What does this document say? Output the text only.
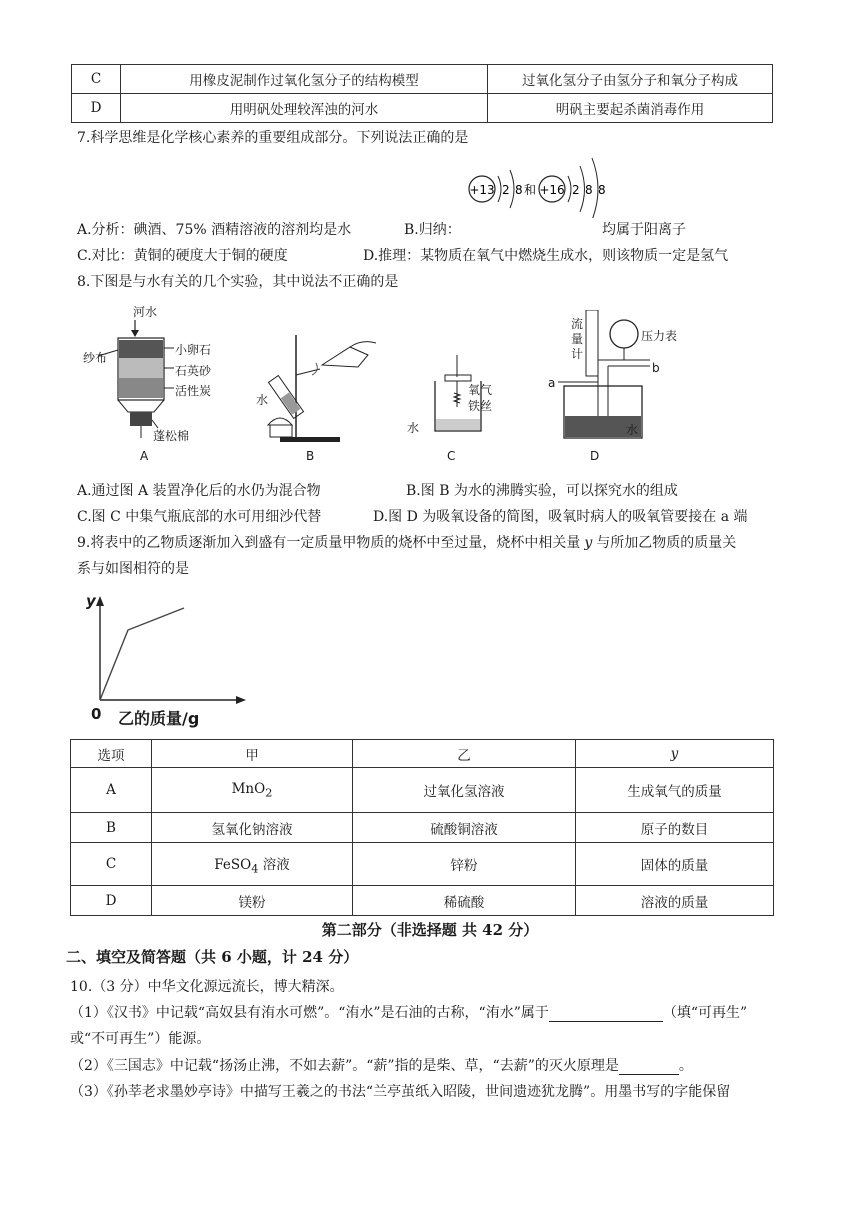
C	用橡皮泥制作过氧化氢分子的结构模型	过氧化氢分子由氢分子和氧分子构成
D	用明矾处理较浑浊的河水	明矾主要起杀菌消毒作用
7.科学思维是化学核心素养的重要组成部分。下列说法正确的是
+13 2 8 和 +16 2 8 8
A.分析：碘酒、75% 酒精溶液的溶剂均是水	B.归纳：	均属于阳离子
C.对比：黄铜的硬度大于铜的硬度	D.推理：某物质在氧气中燃烧生成水，则该物质一定是氢气
8.下图是与水有关的几个实验，其中说法不正确的是
河水
纱布
小卵石
石英砂
活性炭
蓬松棉
A
水
B
氧气
铁丝
水
C
流
量
计
压力表
a
b
水
D
A.通过图 A 装置净化后的水仍为混合物	B.图 B 为水的沸腾实验，可以探究水的组成
C.图 C 中集气瓶底部的水可用细沙代替	D.图 D 为吸氧设备的简图，吸氧时病人的吸氧管要接在 a 端
9.将表中的乙物质逐渐加入到盛有一定质量甲物质的烧杯中至过量，烧杯中相关量 y 与所加乙物质的质量关
系与如图相符的是
y
0 乙的质量/g
选项	甲	乙	y
A	MnO$_2$	过氧化氢溶液	生成氧气的质量
B	氢氧化钠溶液	硫酸铜溶液	原子的数目
C	FeSO$_4$ 溶液	锌粉	固体的质量
D	镁粉	稀硫酸	溶液的质量
第二部分（非选择题 共 42 分）
二、填空及简答题（共 6 小题，计 24 分）
10.（3 分）中华文化源远流长，博大精深。
（1）《汉书》中记载“高奴县有洧水可燃”。“洧水”是石油的古称，“洧水”属于	（填“可再生”
或“不可再生”）能源。
（2）《三国志》中记载“扬汤止沸，不如去薪”。“薪”指的是柴、草，“去薪”的灭火原理是	。
（3）《孙莘老求墨妙亭诗》中描写王羲之的书法“兰亭茧纸入昭陵，世间遗迹犹龙腾”。用墨书写的字能保留
